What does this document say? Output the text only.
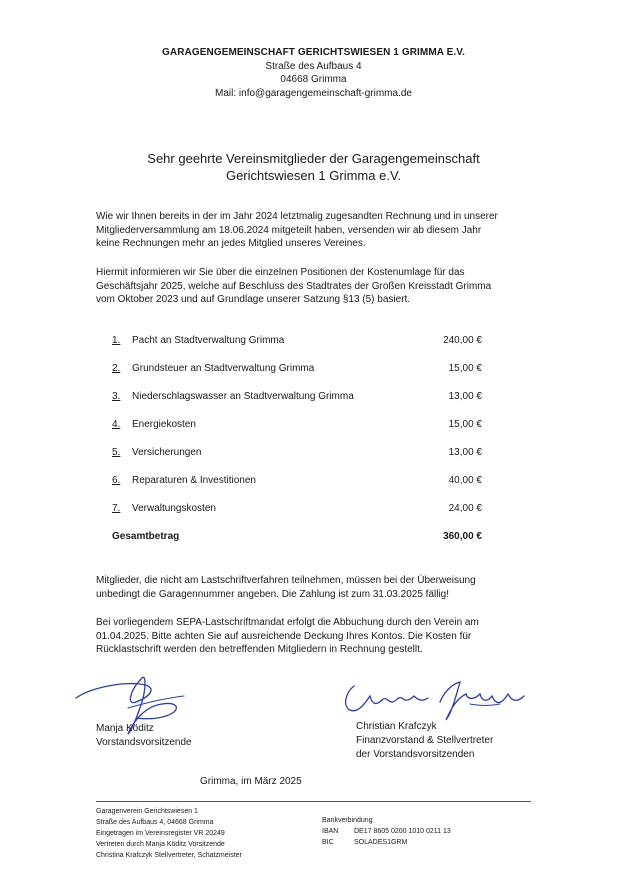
GARAGENGEMEINSCHAFT GERICHTSWIESEN 1 GRIMMA E.V.
Straße des Aufbaus 4
04668 Grimma
Mail: info@garagengemeinschaft-grimma.de
Sehr geehrte Vereinsmitglieder der Garagengemeinschaft
Gerichtswiesen 1 Grimma e.V.
Wie wir Ihnen bereits in der im Jahr 2024 letztmalig zugesandten Rechnung und in unserer
Mitgliederversammlung am 18.06.2024 mitgeteilt haben, versenden wir ab diesem Jahr
keine Rechnungen mehr an jedes Mitglied unseres Vereines.
Hiermit informieren wir Sie über die einzelnen Positionen der Kostenumlage für das
Geschäftsjahr 2025, welche auf Beschluss des Stadtrates der Großen Kreisstadt Grimma
vom Oktober 2023 und auf Grundlage unserer Satzung §13 (5) basiert.
1. Pacht an Stadtverwaltung Grimma	240,00 €
2. Grundsteuer an Stadtverwaltung Grimma	15,00 €
3. Niederschlagswasser an Stadtverwaltung Grimma	13,00 €
4. Energiekosten	15,00 €
5. Versicherungen	13,00 €
6. Reparaturen & Investitionen	40,00 €
7. Verwaltungskosten	24,00 €
Gesamtbetrag	360,00 €
Mitglieder, die nicht am Lastschriftverfahren teilnehmen, müssen bei der Überweisung
unbedingt die Garagennummer angeben. Die Zahlung ist zum 31.03.2025 fällig!
Bei vorliegendem SEPA-Lastschriftmandat erfolgt die Abbuchung durch den Verein am
01.04.2025. Bitte achten Sie auf ausreichende Deckung Ihres Kontos. Die Kosten für
Rücklastschrift werden den betreffenden Mitgliedern in Rechnung gestellt.
Manja Köditz
Vorstandsvorsitzende
Christian Krafczyk
Finanzvorstand & Stellvertreter
der Vorstandsvorsitzenden
Grimma, im März 2025
Garagenverein Gerichtswiesen 1
Straße des Aufbaus 4, 04668 Grimma
Eingetragen im Vereinsregister VR 20249
Vertreten durch Manja Köditz Vorsitzende
Christina Krafczyk Stellvertreter, Schatzmeister
Bankverbindung
IBAN DE17 8605 0200 1010 0211 13
BIC	SOLADES1GRM
